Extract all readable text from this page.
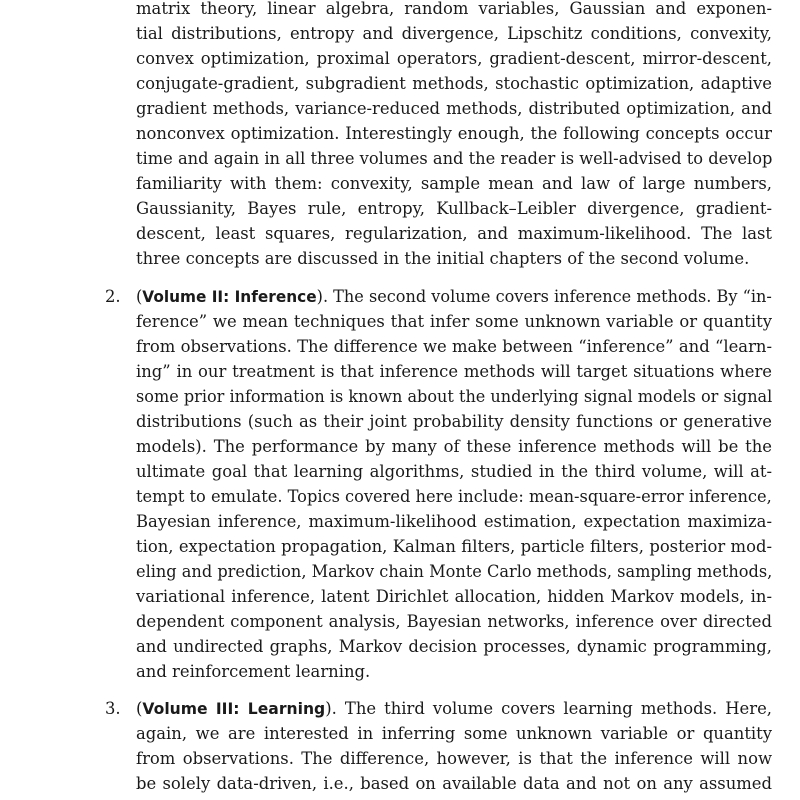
matrix theory, linear algebra, random variables, Gaussian and exponen-
tial distributions, entropy and divergence, Lipschitz conditions, convexity,
convex optimization, proximal operators, gradient-descent, mirror-descent,
conjugate-gradient, subgradient methods, stochastic optimization, adaptive
gradient methods, variance-reduced methods, distributed optimization, and
nonconvex optimization. Interestingly enough, the following concepts occur
time and again in all three volumes and the reader is well-advised to develop
familiarity with them: convexity, sample mean and law of large numbers,
Gaussianity, Bayes rule, entropy, Kullback–Leibler divergence, gradient-
descent, least squares, regularization, and maximum-likelihood. The last
three concepts are discussed in the initial chapters of the second volume.
2. (Volume II: Inference). The second volume covers inference methods. By “in-
ference” we mean techniques that infer some unknown variable or quantity
from observations. The difference we make between “inference” and “learn-
ing” in our treatment is that inference methods will target situations where
some prior information is known about the underlying signal models or signal
distributions (such as their joint probability density functions or generative
models). The performance by many of these inference methods will be the
ultimate goal that learning algorithms, studied in the third volume, will at-
tempt to emulate. Topics covered here include: mean-square-error inference,
Bayesian inference, maximum-likelihood estimation, expectation maximiza-
tion, expectation propagation, Kalman filters, particle filters, posterior mod-
eling and prediction, Markov chain Monte Carlo methods, sampling methods,
variational inference, latent Dirichlet allocation, hidden Markov models, in-
dependent component analysis, Bayesian networks, inference over directed
and undirected graphs, Markov decision processes, dynamic programming,
and reinforcement learning.
3. (Volume III: Learning). The third volume covers learning methods. Here,
again, we are interested in inferring some unknown variable or quantity
from observations. The difference, however, is that the inference will now
be solely data-driven, i.e., based on available data and not on any assumed
